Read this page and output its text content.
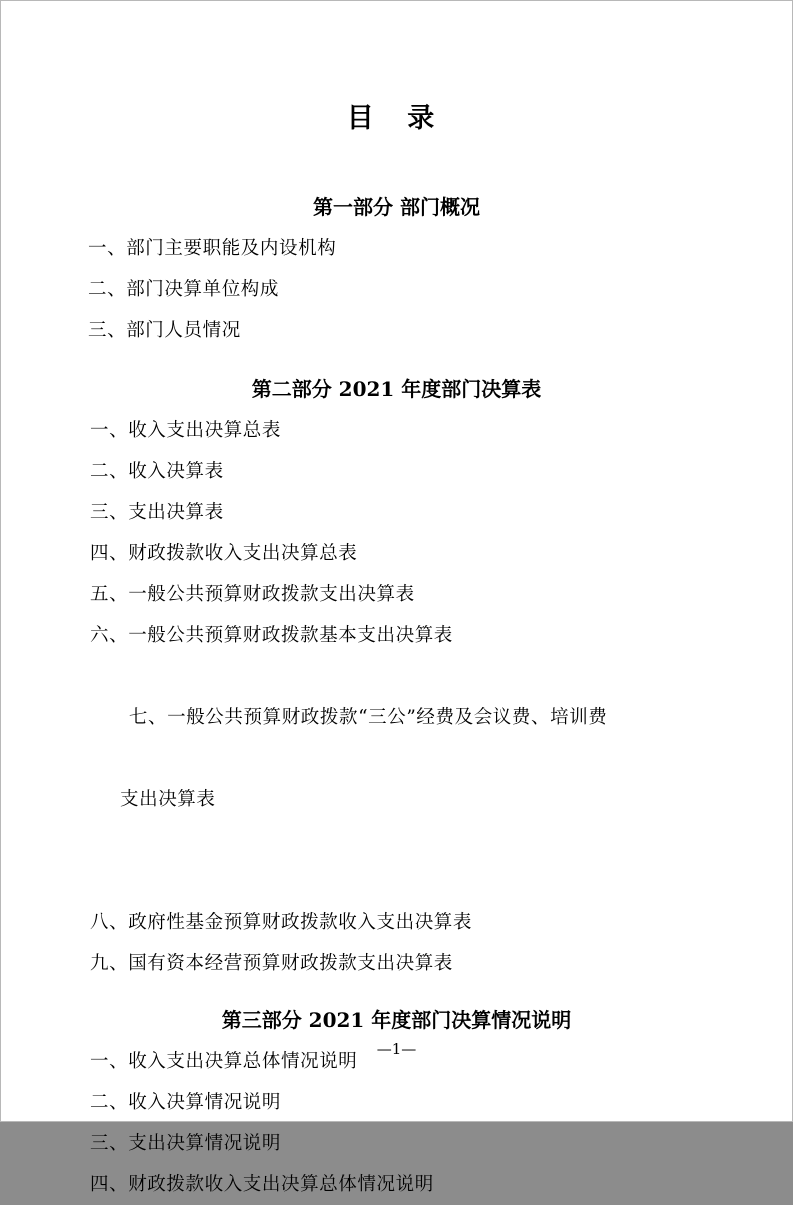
目 录
第一部分 部门概况
一、部门主要职能及内设机构
二、部门决算单位构成
三、部门人员情况
第二部分 2021 年度部门决算表
一、收入支出决算总表
二、收入决算表
三、支出决算表
四、财政拨款收入支出决算总表
五、一般公共预算财政拨款支出决算表
六、一般公共预算财政拨款基本支出决算表

七、一般公共预算财政拨款“三公”经费及会议费、培训费

支出决算表

八、政府性基金预算财政拨款收入支出决算表
九、国有资本经营预算财政拨款支出决算表
第三部分 2021 年度部门决算情况说明
一、收入支出决算总体情况说明
二、收入决算情况说明
三、支出决算情况说明
四、财政拨款收入支出决算总体情况说明
—1—
